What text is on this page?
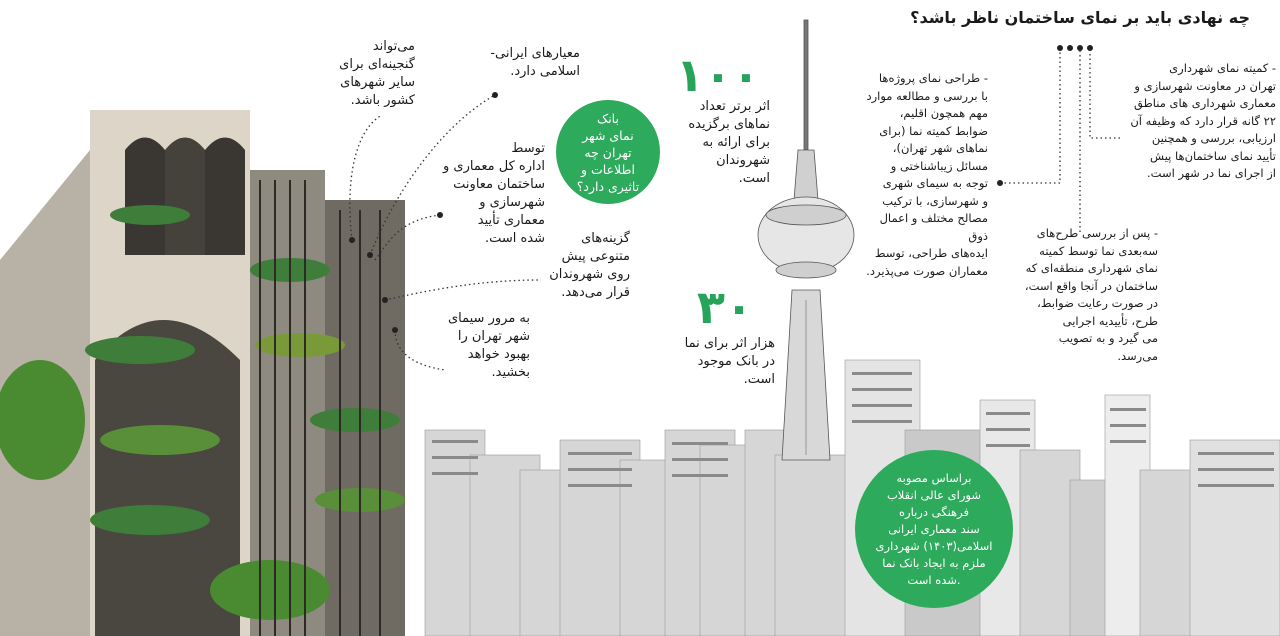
چه نهادی باید بر نمای ساختمان ناظر باشد؟
می‌تواند
گنجینه‌ای برای
سایر شهرهای
کشور باشد.
معیارهای ایرانی-
اسلامی دارد.
توسط
اداره کل معماری و
ساختمان معاونت
شهرسازی و
معماری تأیید
شده است.	گزینه‌های
متنوعی پیش
روی شهروندان
قرار می‌دهد.
به مرور سیمای
شهر تهران را
بهبود خواهد
بخشید.
بانک
نمای شهر
تهران چه
اطلاعات و
تاثیری دارد؟
۱۰۰
اثر برتر تعداد
نماهای برگزیده
برای ارائه به
شهروندان
است.
۳۰
هزار اثر برای نما
در بانک موجود
است.
- کمیته نمای شهرداری
تهران در معاونت شهرسازی و
معماری شهرداری های مناطق
۲۲ گانه قرار دارد که وظیفه آن
ارزیابی، بررسی و همچنین
تأیید نمای ساختمان‌ها پیش
از اجرای نما در شهر است.
- طراحی نمای پروژه‌ها
با بررسی و مطالعه موارد
مهم همچون اقلیم،
ضوابط کمیته نما (برای
نماهای شهر تهران)،
مسائل زیباشناختی و
توجه به سیمای شهری
و شهرسازی، با ترکیب
مصالح مختلف و اعمال ذوق
ایده‌های طراحی، توسط
معماران صورت می‌پذیرد.
- پس از بررسی طرح‌های
سه‌بعدی نما توسط کمیته
نمای شهرداری منطقه‌ای که
ساختمان در آنجا واقع است،
در صورت رعایت ضوابط،
طرح، تأییدیه اجرایی
می گیرد و به تصویب
می‌رسد.
براساس مصوبه
شورای عالی انقلاب
فرهنگی درباره
سند معماری ایرانی
اسلامی(۱۴۰۳) شهرداری
ملزم به ایجاد بانک نما
شده است.
